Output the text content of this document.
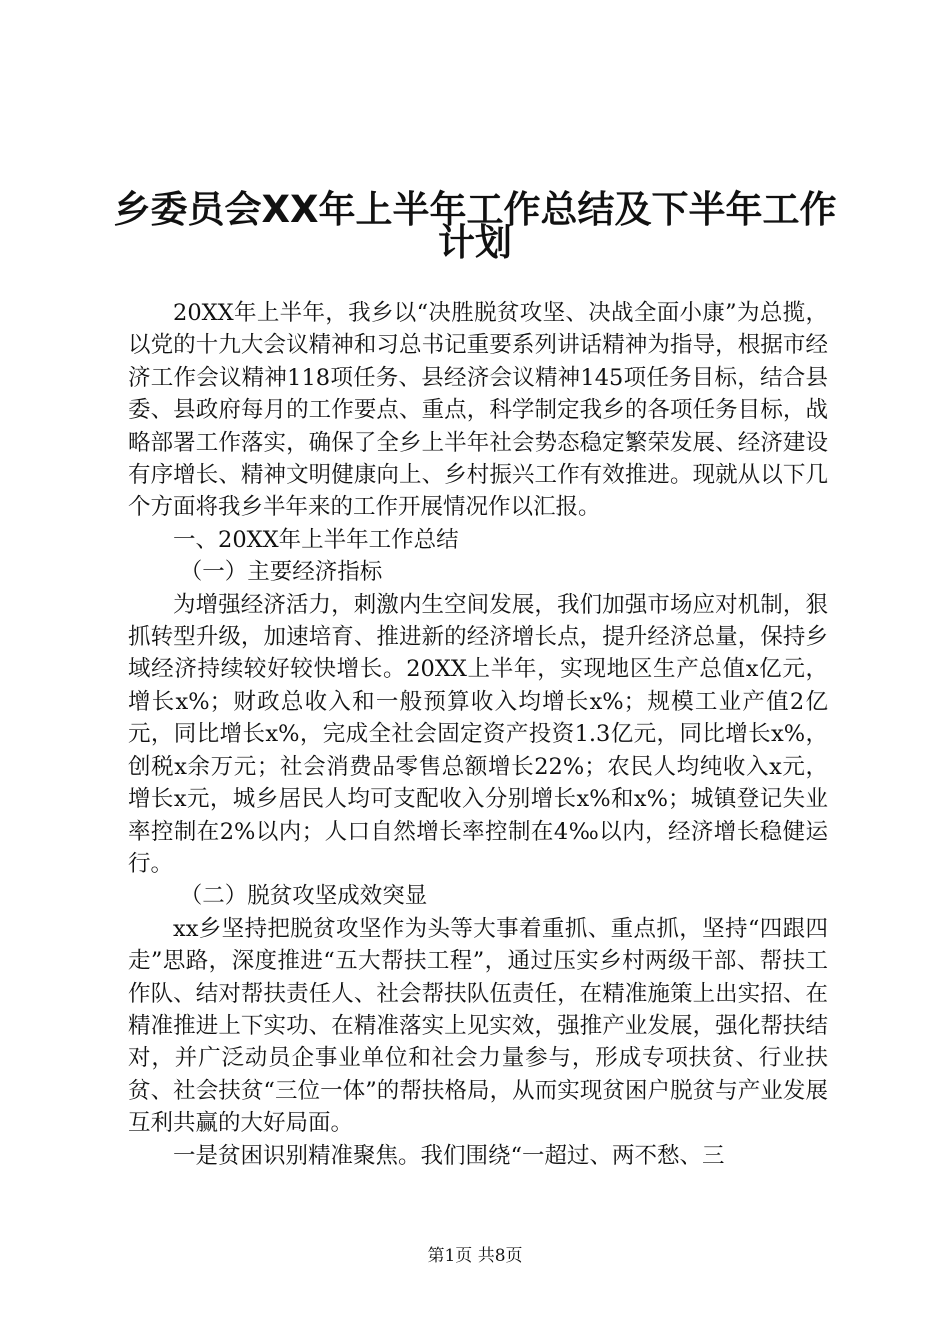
乡委员会XX年上半年工作总结及下半年工作
计划

20XX年上半年，我乡以“决胜脱贫攻坚、决战全面小康”为总揽，以党的十九大会议精神和习总书记重要系列讲话精神为指导，根据市经济工作会议精神118项任务、县经济会议精神145项任务目标，结合县委、县政府每月的工作要点、重点，科学制定我乡的各项任务目标，战略部署工作落实，确保了全乡上半年社会势态稳定繁荣发展、经济建设有序增长、精神文明健康向上、乡村振兴工作有效推进。现就从以下几个方面将我乡半年来的工作开展情况作以汇报。

一、20XX年上半年工作总结

（一）主要经济指标

为增强经济活力，刺激内生空间发展，我们加强市场应对机制，狠抓转型升级，加速培育、推进新的经济增长点，提升经济总量，保持乡域经济持续较好较快增长。20XX上半年，实现地区生产总值x亿元，增长x%；财政总收入和一般预算收入均增长x%；规模工业产值2亿元，同比增长x%，完成全社会固定资产投资1.3亿元，同比增长x%，创税x余万元；社会消费品零售总额增长22%；农民人均纯收入x元，增长x元，城乡居民人均可支配收入分别增长x%和x%；城镇登记失业率控制在2%以内；人口自然增长率控制在4‰以内，经济增长稳健运行。

（二）脱贫攻坚成效突显

xx乡坚持把脱贫攻坚作为头等大事着重抓、重点抓，坚持“四跟四走”思路，深度推进“五大帮扶工程”，通过压实乡村两级干部、帮扶工作队、结对帮扶责任人、社会帮扶队伍责任，在精准施策上出实招、在精准推进上下实功、在精准落实上见实效，强推产业发展，强化帮扶结对，并广泛动员企事业单位和社会力量参与，形成专项扶贫、行业扶贫、社会扶贫“三位一体”的帮扶格局，从而实现贫困户脱贫与产业发展互利共赢的大好局面。

一是贫困识别精准聚焦。我们围绕“一超过、两不愁、三

第1页 共8页
